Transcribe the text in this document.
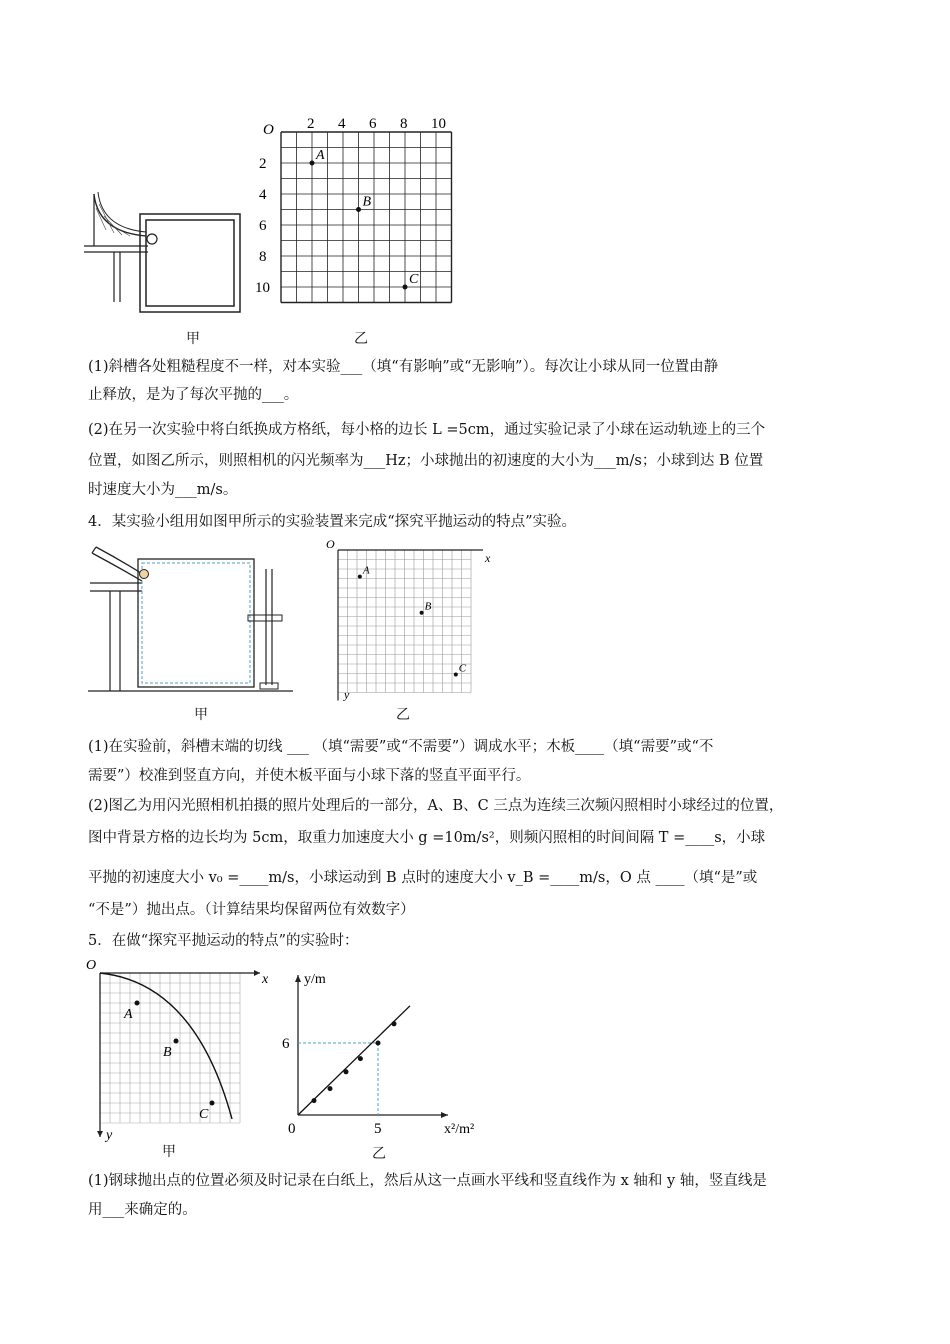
甲
O 2 4 6 8 10
2
4
6
8
10
A
B
C
乙
(1)斜槽各处粗糙程度不一样，对本实验___（填“有影响”或“无影响”）。每次让小球从同一位置由静
止释放，是为了每次平抛的___。
(2)在另一次实验中将白纸换成方格纸，每小格的边长 L =5cm，通过实验记录了小球在运动轨迹上的三个
位置，如图乙所示，则照相机的闪光频率为___Hz；小球抛出的初速度的大小为___m/s；小球到达 B 位置
时速度大小为___m/s。
4．某实验小组用如图甲所示的实验装置来完成“探究平抛运动的特点”实验。
甲
O
x
y
A
B
C
乙
(1)在实验前，斜槽末端的切线 ___ （填“需要”或“不需要”）调成水平；木板____（填“需要”或“不
需要”）校准到竖直方向，并使木板平面与小球下落的竖直平面平行。
(2)图乙为用闪光照相机拍摄的照片处理后的一部分，A、B、C 三点为连续三次频闪照相时小球经过的位置，
图中背景方格的边长均为 5cm，取重力加速度大小 g =10m/s²，则频闪照相的时间间隔 T =____s，小球
平抛的初速度大小 v₀ =____m/s，小球运动到 B 点时的速度大小 v_B =____m/s，O 点 ____（填“是”或
“不是”）抛出点。（计算结果均保留两位有效数字）
5．在做“探究平抛运动的特点”的实验时：
O
x
y
A
B
C
甲
y/m
x²/m²
0	5
6
乙
(1)钢球抛出点的位置必须及时记录在白纸上，然后从这一点画水平线和竖直线作为 x 轴和 y 轴，竖直线是
用___来确定的。
